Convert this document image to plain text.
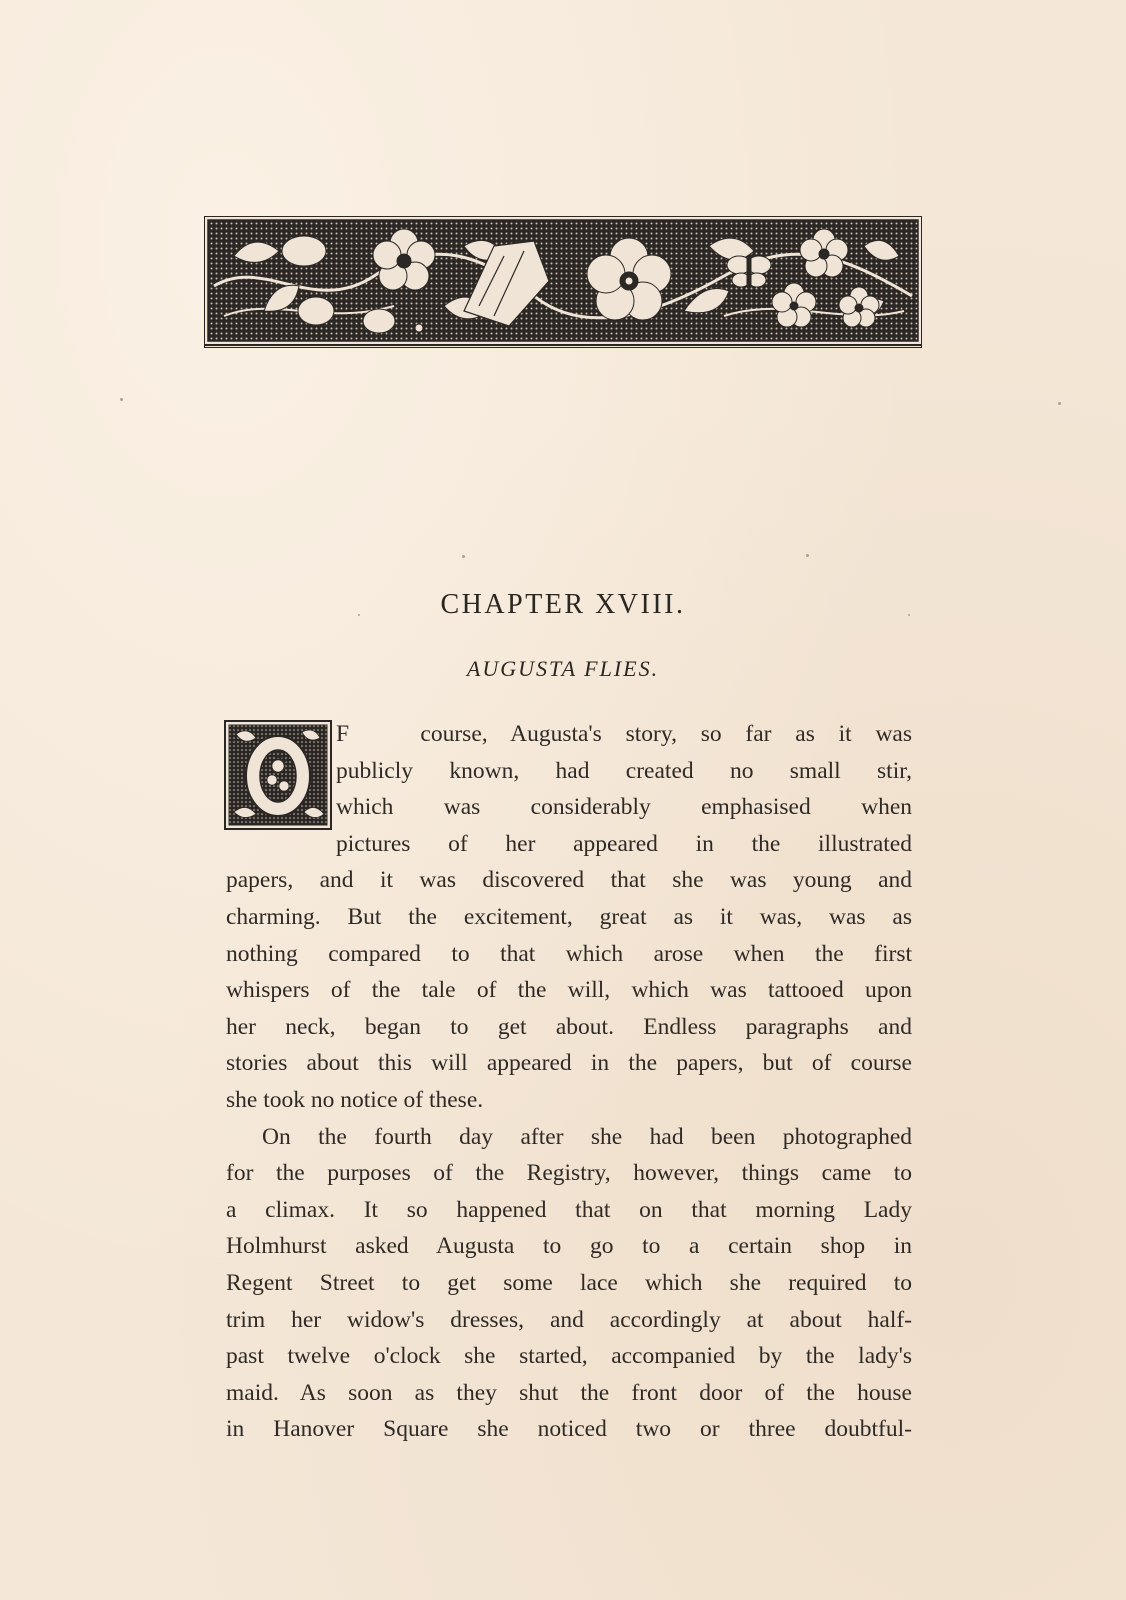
CHAPTER XVIII.
AUGUSTA FLIES.
F	course, Augusta's story, so far as it was
publicly known, had created no small stir,
which was considerably emphasised when
pictures of her appeared in the illustrated
papers, and it was discovered that she was young and
charming. But the excitement, great as it was, was as
nothing compared to that which arose when the first
whispers of the tale of the will, which was tattooed upon
her neck, began to get about. Endless paragraphs and
stories about this will appeared in the papers, but of course
she took no notice of these.
On the fourth day after she had been photographed
for the purposes of the Registry, however, things came to
a climax. It so happened that on that morning Lady
Holmhurst asked Augusta to go to a certain shop in
Regent Street to get some lace which she required to
trim her widow's dresses, and accordingly at about half-
past twelve o'clock she started, accompanied by the lady's
maid. As soon as they shut the front door of the house
in Hanover Square she noticed two or three doubtful-
